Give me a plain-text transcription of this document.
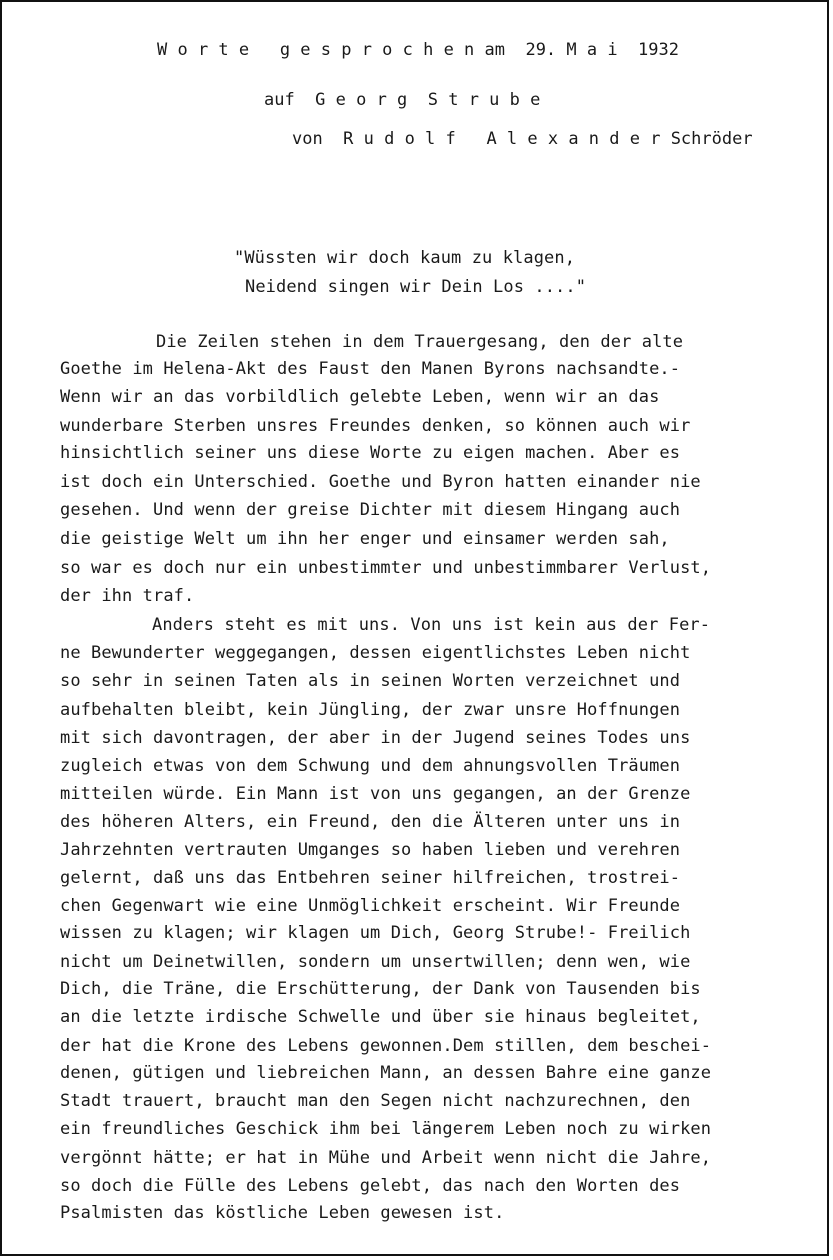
W o r t e   g e s p r o c h e n am  29. M a i  1932
auf  G e o r g  S t r u b e
von  R u d o l f   A l e x a n d e r Schröder
"Wüssten wir doch kaum zu klagen,
Neidend singen wir Dein Los ...."
Die Zeilen stehen in dem Trauergesang, den der alte
Goethe im Helena-Akt des Faust den Manen Byrons nachsandte.-
Wenn wir an das vorbildlich gelebte Leben, wenn wir an das
wunderbare Sterben unsres Freundes denken, so können auch wir
hinsichtlich seiner uns diese Worte zu eigen machen. Aber es
ist doch ein Unterschied. Goethe und Byron hatten einander nie
gesehen. Und wenn der greise Dichter mit diesem Hingang auch
die geistige Welt um ihn her enger und einsamer werden sah,
so war es doch nur ein unbestimmter und unbestimmbarer Verlust,
der ihn traf.
Anders steht es mit uns. Von uns ist kein aus der Fer-
ne Bewunderter weggegangen, dessen eigentlichstes Leben nicht
so sehr in seinen Taten als in seinen Worten verzeichnet und
aufbehalten bleibt, kein Jüngling, der zwar unsre Hoffnungen
mit sich davontragen, der aber in der Jugend seines Todes uns
zugleich etwas von dem Schwung und dem ahnungsvollen Träumen
mitteilen würde. Ein Mann ist von uns gegangen, an der Grenze
des höheren Alters, ein Freund, den die Älteren unter uns in
Jahrzehnten vertrauten Umganges so haben lieben und verehren
gelernt, daß uns das Entbehren seiner hilfreichen, trostrei-
chen Gegenwart wie eine Unmöglichkeit erscheint. Wir Freunde
wissen zu klagen; wir klagen um Dich, Georg Strube!- Freilich
nicht um Deinetwillen, sondern um unsertwillen; denn wen, wie
Dich, die Träne, die Erschütterung, der Dank von Tausenden bis
an die letzte irdische Schwelle und über sie hinaus begleitet,
der hat die Krone des Lebens gewonnen.Dem stillen, dem beschei-
denen, gütigen und liebreichen Mann, an dessen Bahre eine ganze
Stadt trauert, braucht man den Segen nicht nachzurechnen, den
ein freundliches Geschick ihm bei längerem Leben noch zu wirken
vergönnt hätte; er hat in Mühe und Arbeit wenn nicht die Jahre,
so doch die Fülle des Lebens gelebt, das nach den Worten des
Psalmisten das köstliche Leben gewesen ist.
